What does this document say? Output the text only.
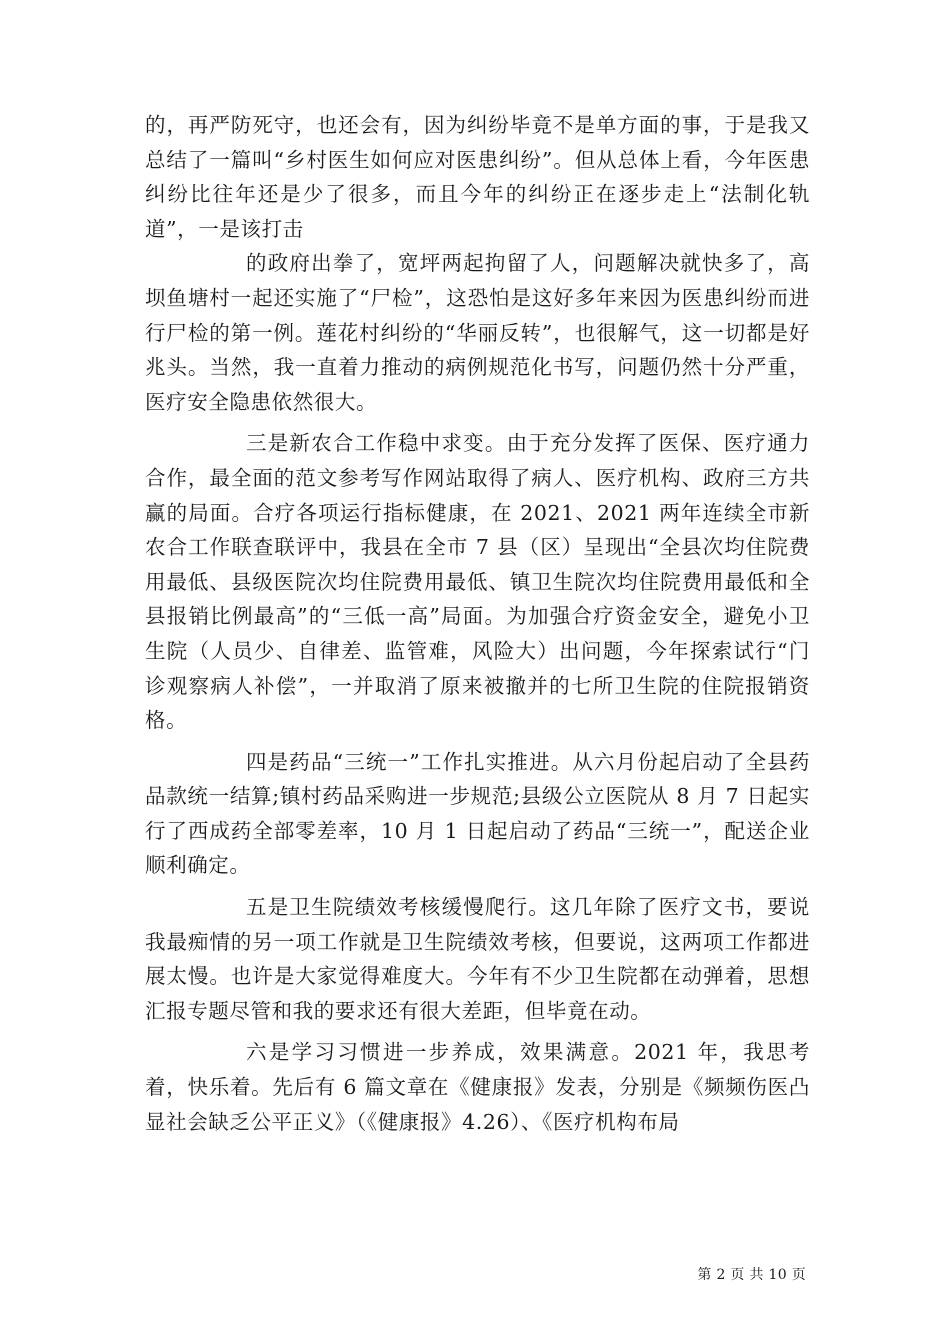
的，再严防死守，也还会有，因为纠纷毕竟不是单方面的事，于是我又总结了一篇叫“乡村医生如何应对医患纠纷”。但从总体上看，今年医患纠纷比往年还是少了很多，而且今年的纠纷正在逐步走上“法制化轨道”，一是该打击

的政府出拳了，宽坪两起拘留了人，问题解决就快多了，高坝鱼塘村一起还实施了“尸检”，这恐怕是这好多年来因为医患纠纷而进行尸检的第一例。莲花村纠纷的“华丽反转”，也很解气，这一切都是好兆头。当然，我一直着力推动的病例规范化书写，问题仍然十分严重，医疗安全隐患依然很大。

三是新农合工作稳中求变。由于充分发挥了医保、医疗通力合作，最全面的范文参考写作网站取得了病人、医疗机构、政府三方共赢的局面。合疗各项运行指标健康，在 2021、2021 两年连续全市新农合工作联查联评中，我县在全市 7 县（区）呈现出“全县次均住院费用最低、县级医院次均住院费用最低、镇卫生院次均住院费用最低和全县报销比例最高”的“三低一高”局面。为加强合疗资金安全，避免小卫生院（人员少、自律差、监管难，风险大）出问题，今年探索试行“门诊观察病人补偿”，一并取消了原来被撤并的七所卫生院的住院报销资格。

四是药品“三统一”工作扎实推进。从六月份起启动了全县药品款统一结算;镇村药品采购进一步规范;县级公立医院从 8 月 7 日起实行了西成药全部零差率，10 月 1 日起启动了药品“三统一”，配送企业顺利确定。

五是卫生院绩效考核缓慢爬行。这几年除了医疗文书，要说我最痴情的另一项工作就是卫生院绩效考核，但要说，这两项工作都进展太慢。也许是大家觉得难度大。今年有不少卫生院都在动弹着，思想汇报专题尽管和我的要求还有很大差距，但毕竟在动。

六是学习习惯进一步养成，效果满意。2021 年，我思考着，快乐着。先后有 6 篇文章在《健康报》发表，分别是《频频伤医凸显社会缺乏公平正义》（《健康报》4.26）、《医疗机构布局

第 2 页 共 10 页
